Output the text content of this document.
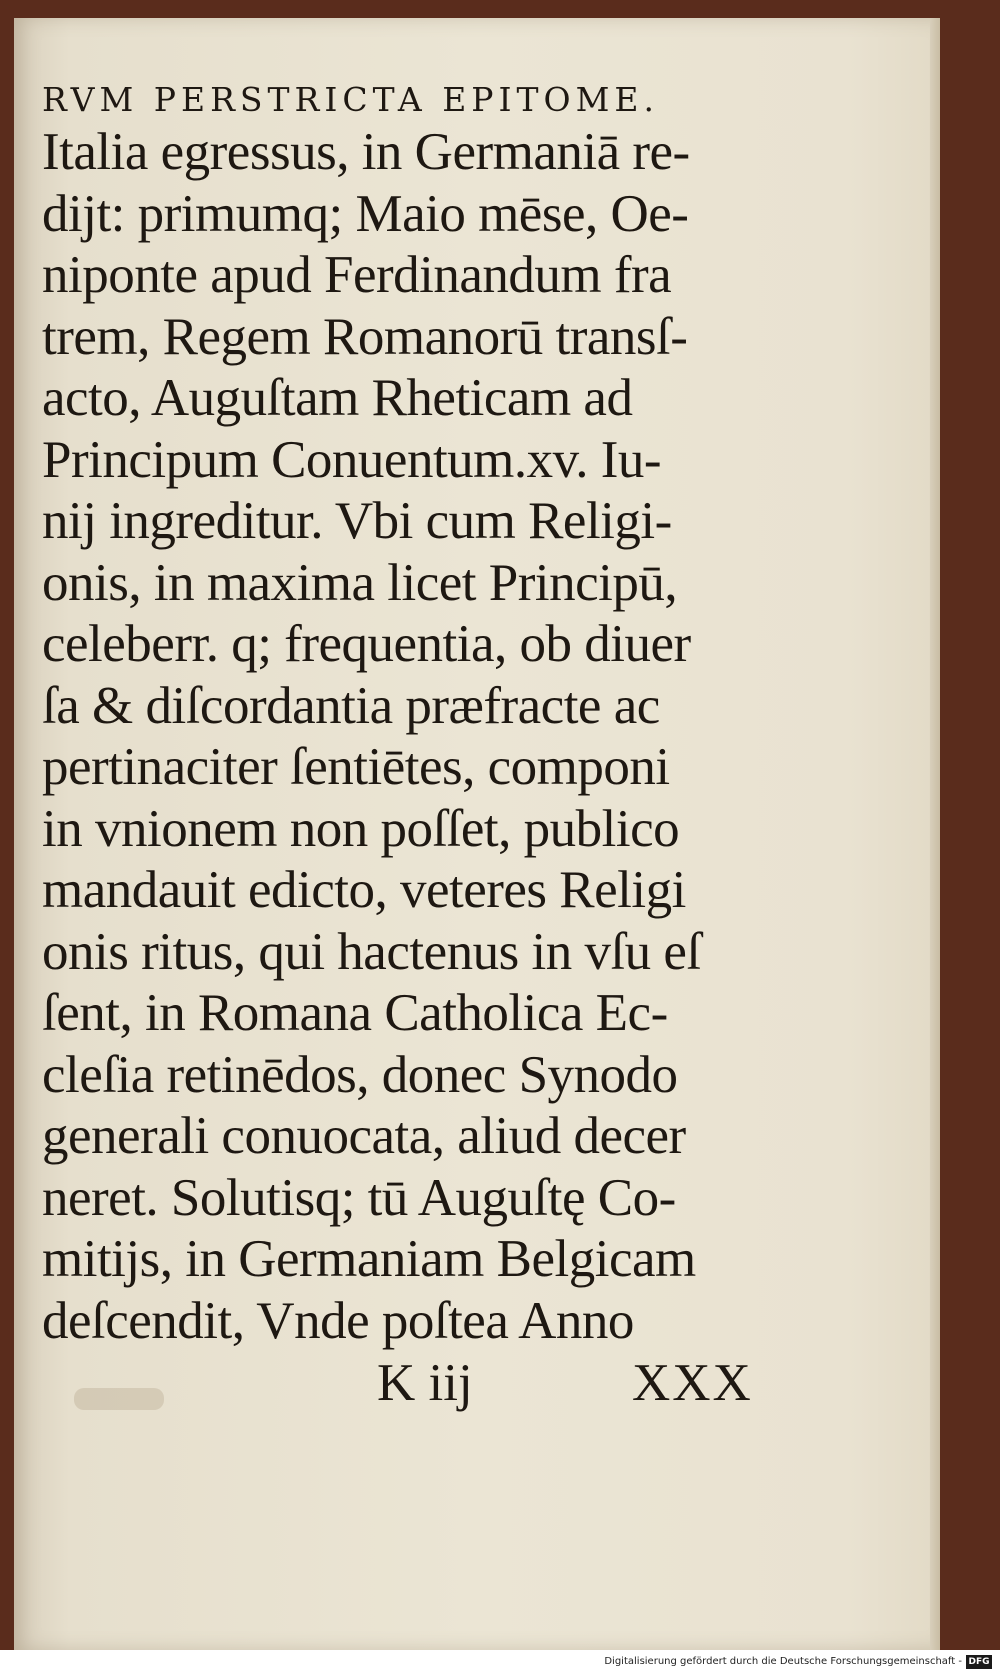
RVM PERSTRICTA EPITOME.
Italia egressus, in Germaniā re-
dijt: primumq; Maio mēse, Oe-
niponte apud Ferdinandum fra
trem, Regem Romanorū transſ-
acto, Auguſtam Rheticam ad
Principum Conuentum.xv. Iu-
nij ingreditur. Vbi cum Religi-
onis, in maxima licet Principū,
celeberr. q; frequentia, ob diuer
ſa & diſcordantia præfracte ac
pertinaciter ſentiētes, componi
in vnionem non poſſet, publico
mandauit edicto, veteres Religi
onis ritus, qui hactenus in vſu eſ
ſent, in Romana Catholica Ec-
cleſia retinēdos, donec Synodo
generali conuocata, aliud decer
neret. Solutisq; tū Auguſtę Co-
mitijs, in Germaniam Belgicam
deſcendit, Vnde poſtea Anno
K iij	XXX
Digitalisierung gefördert durch die Deutsche Forschungsgemeinschaft - DFG
